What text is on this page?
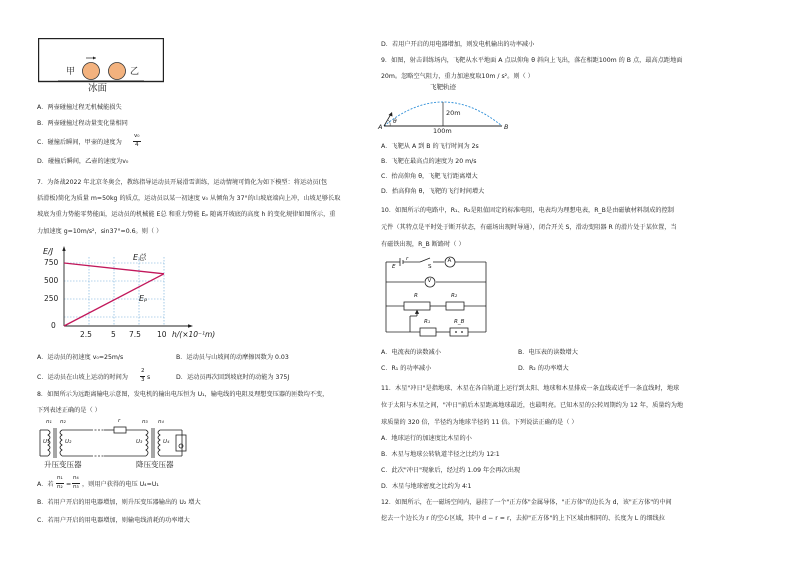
甲	乙
冰面
A．两壶碰撞过程无机械能损失
B．两壶碰撞过程动量变化量相同
C．碰撞后瞬间，甲壶的速度为
v₀
4
D．碰撞后瞬间，乙壶的速度为v₀
7．为备战2022 年北京冬奥会，教练指导运动员开展滑雪训练，运动情境可简化为如下模型：将运动员(包
括滑板)简化为质量 m=50kg 的质点，运动员以某一初速度 v₀ 从倾角为 37°的山坡底端向上冲，山坡足够长取
坡底为重力势能零势能面，运动员的机械能 E总 和重力势能 Eₚ 随离开坡底的高度 h 的变化规律如图所示，重
力加速度 g=10m/s²，sin37°=0.6。则（ ）
E/J
0
250
500
750
2.5	5 7.5 10 h/(×10⁻¹m)
E总
Eₚ
A．运动员的初速度 v₀=25m/s	B．运动员与山坡间的动摩擦因数为 0.03
C．运动员在山坡上运动的时间为
2
3 s	D．运动员再次回到坡底时的动能为 375J
8．如图所示为远距离输电示意图，发电机的输出电压恒为 U₁，输电线的电阻及理想变压器的匝数均不变，
下列表述正确的是（ ）
U₁
n₁ n₂
U₂
r
U₃
n₃ n₄
U₄
升压变压器	降压变压器
A．若
n₁
n₂ =
n₄
n₃ ，则用户获得的电压 U₄=U₁
B．若用户开启的用电器增加，则升压变压器输出的 U₂ 增大
C．若用户开启的用电器增加，则输电线消耗的功率增大
D．若用户开启的用电器增加，则发电机输出的功率减小
9．如图，射击训练场内，飞靶从水平地面 A 点以仰角 θ 斜向上飞出，落在相距100m 的 B 点，最高点距地面
20m。忽略空气阻力，重力加速度取10m / s²。则（ ）
飞靶轨迹
20m
100m
A	B
θ
A．飞靶从 A 到 B 的飞行时间为 2s
B．飞靶在最高点的速度为 20 m/s
C．抬高仰角 θ，飞靶飞行距离增大
D．抬高仰角 θ，飞靶的飞行时间增大
10．如图所示的电路中，R₁、R₂是阻值固定的标准电阻，电表均为理想电表，R_B是由磁敏材料制成的控制
元件（其特点是平时处于断开状态，有磁场出现时导通），闭合开关 S，滑动变阻器 R 的滑片处于某位置，当
有磁铁出现，R_B 断路时（ ）
E
r
S
A
V
R	R₂
R₁	R_B
A．电流表的读数减小	B．电压表的读数增大
C．R₁ 的功率减小	D．R₂ 的功率增大
11．木星"冲日"是指地球、木星在各自轨道上运行到太阳、地球和木星排成一条直线或近乎一条直线时，地球
位于太阳与木星之间，"冲日"前后木星距离地球最近，也最明亮。已知木星的公转周期约为 12 年，质量约为地
球质量的 320 倍，半径约为地球半径的 11 倍。下列说法正确的是（ ）
A．地球运行的加速度比木星的小
B．木星与地球公转轨道半径之比约为 12∶1
C．此次"冲日"现象后，经过约 1.09 年会再次出现
D．木星与地球密度之比约为 4∶1
12．如图所示，在一磁场空间内，悬挂了一个"正方体"金属导体，"正方体"的边长为 d，该"正方体"的中间
挖去一个边长为 r 的空心区域，其中 d − r = r，去掉"正方体"的上下区域由相同的、长度为 L 的细线拉
